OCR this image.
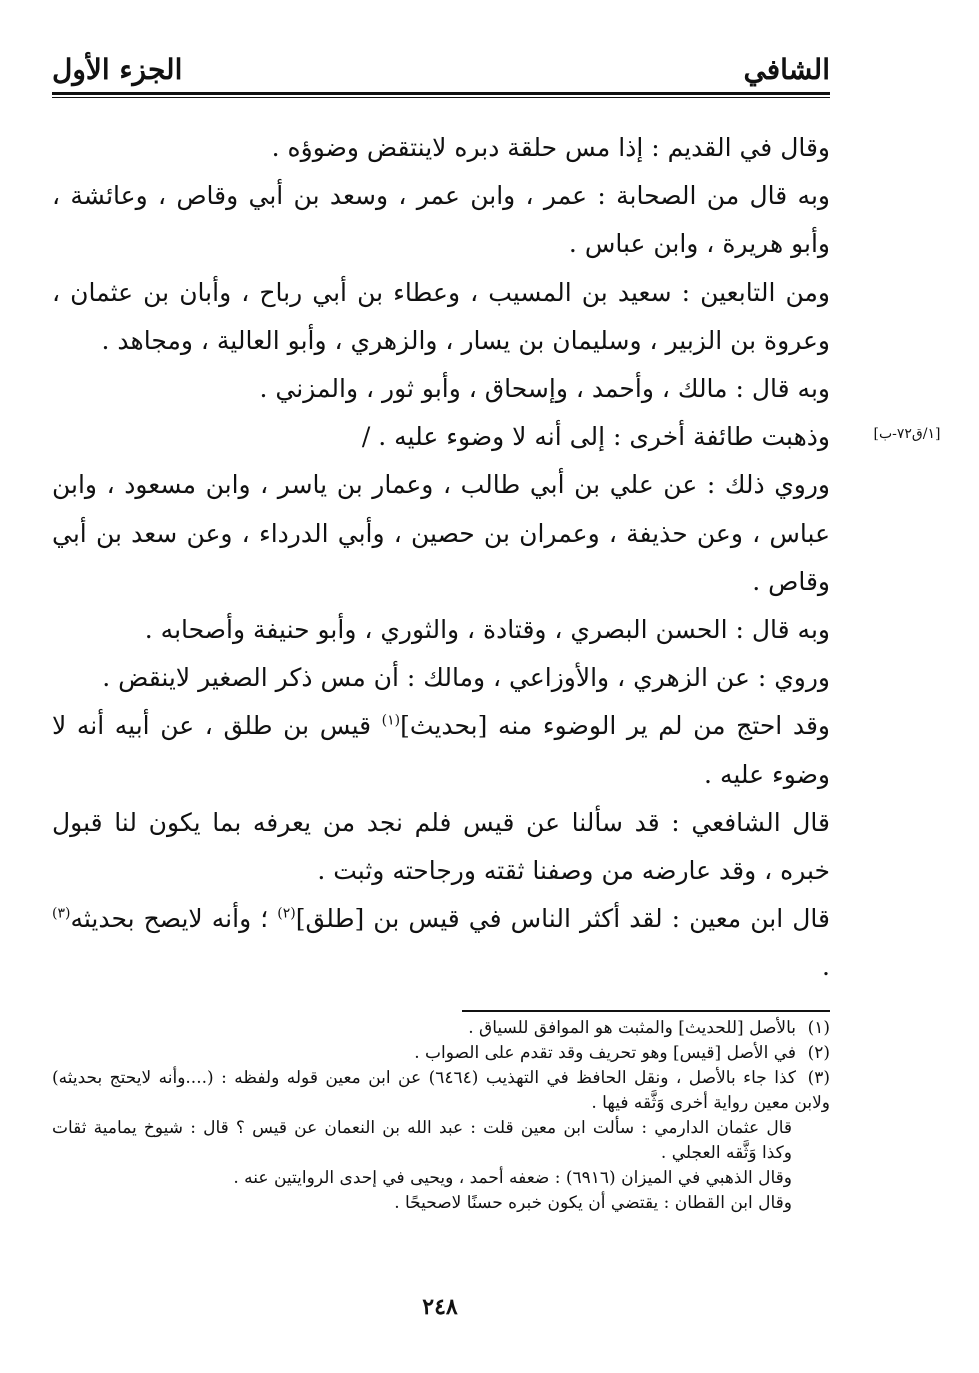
الشافي
الجزء الأول
[١/ق٧٢-ب]

وقال في القديم : إذا مس حلقة دبره لاينتقض وضوؤه .

وبه قال من الصحابة : عمر ، وابن عمر ، وسعد بن أبي وقاص ، وعائشة ، وأبو هريرة ، وابن عباس .

ومن التابعين : سعيد بن المسيب ، وعطاء بن أبي رباح ، وأبان بن عثمان ، وعروة بن الزبير ، وسليمان بن يسار ، والزهري ، وأبو العالية ، ومجاهد .

وبه قال : مالك ، وأحمد ، وإسحاق ، وأبو ثور ، والمزني .

وذهبت طائفة أخرى : إلى أنه لا وضوء عليه . /

وروي ذلك : عن علي بن أبي طالب ، وعمار بن ياسر ، وابن مسعود ، وابن عباس ، وعن حذيفة ، وعمران بن حصين ، وأبي الدرداء ، وعن سعد بن أبي وقاص .

وبه قال : الحسن البصري ، وقتادة ، والثوري ، وأبو حنيفة وأصحابه .

وروي : عن الزهري ، والأوزاعي ، ومالك : أن مس ذكر الصغير لاينقض .

وقد احتج من لم ير الوضوء منه [بحديث]$^{(١)}$ قيس بن طلق ، عن أبيه أنه لا وضوء عليه .

قال الشافعي : قد سألنا عن قيس فلم نجد من يعرفه بما يكون لنا قبول خبره ، وقد عارضه من وصفنا ثقته ورجاحته وثبت .

قال ابن معين : لقد أكثر الناس في قيس بن [طلق]$^{(٢)}$ ؛ وأنه لايصح بحديثه$^{(٣)}$ .

(١)بالأصل [للحديث] والمثبت هو الموافق للسياق .

(٢)في الأصل [قيس] وهو تحريف وقد تقدم على الصواب .

(٣)كذا جاء بالأصل ، ونقل الحافظ في التهذيب (٦٤٦٤) عن ابن معين قوله ولفظه : (....وأنه لايحتج بحديثه) ولابن معين رواية أخرى وَثَّقه فيها .

قال عثمان الدارمي : سألت ابن معين قلت : عبد الله بن النعمان عن قيس ؟ قال : شيوخ يمامية ثقات وكذا وَثَّقه العجلي .

وقال الذهبي في الميزان (٦٩١٦) : ضعفه أحمد ، ويحيى في إحدى الروايتين عنه .

وقال ابن القطان : يقتضي أن يكون خبره حسنًا لاصحيحًا .

٢٤٨
